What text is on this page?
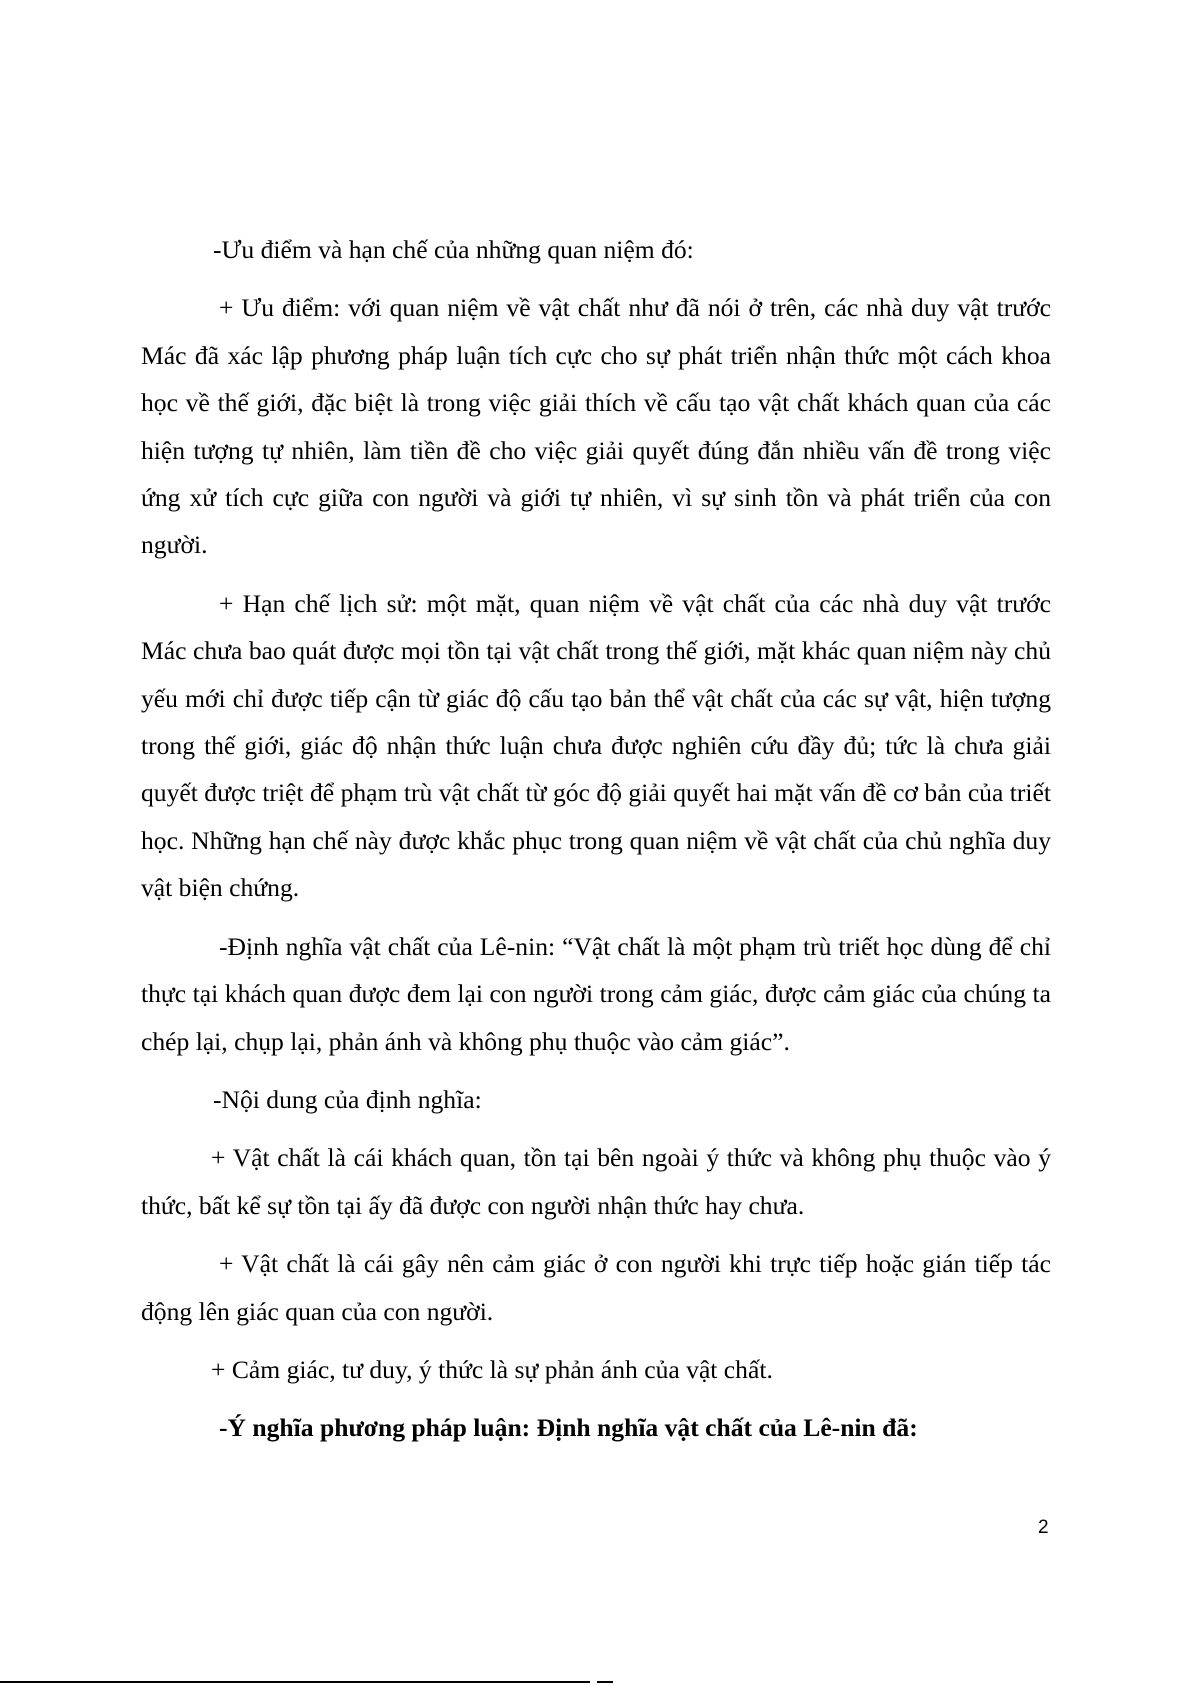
-Ưu điểm và hạn chế của những quan niệm đó:

+ Ưu điểm: với quan niệm về vật chất như đã nói ở trên, các nhà duy vật trước Mác đã xác lập phương pháp luận tích cực cho sự phát triển nhận thức một cách khoa học về thế giới, đặc biệt là trong việc giải thích về cấu tạo vật chất khách quan của các hiện tượng tự nhiên, làm tiền đề cho việc giải quyết đúng đắn nhiều vấn đề trong việc ứng xử tích cực giữa con người và giới tự nhiên, vì sự sinh tồn và phát triển của con người.

+ Hạn chế lịch sử: một mặt, quan niệm về vật chất của các nhà duy vật trước Mác chưa bao quát được mọi tồn tại vật chất trong thế giới, mặt khác quan niệm này chủ yếu mới chỉ được tiếp cận từ giác độ cấu tạo bản thể vật chất của các sự vật, hiện tượng trong thế giới, giác độ nhận thức luận chưa được nghiên cứu đầy đủ; tức là chưa giải quyết được triệt để phạm trù vật chất từ góc độ giải quyết hai mặt vấn đề cơ bản của triết học. Những hạn chế này được khắc phục trong quan niệm về vật chất của chủ nghĩa duy vật biện chứng.

-Định nghĩa vật chất của Lê-nin: “Vật chất là một phạm trù triết học dùng để chỉ thực tại khách quan được đem lại con người trong cảm giác, được cảm giác của chúng ta chép lại, chụp lại, phản ánh và không phụ thuộc vào cảm giác”.

-Nội dung của định nghĩa:

+ Vật chất là cái khách quan, tồn tại bên ngoài ý thức và không phụ thuộc vào ý thức, bất kể sự tồn tại ấy đã được con người nhận thức hay chưa.

+ Vật chất là cái gây nên cảm giác ở con người khi trực tiếp hoặc gián tiếp tác động lên giác quan của con người.

+ Cảm giác, tư duy, ý thức là sự phản ánh của vật chất.

-Ý nghĩa phương pháp luận: Định nghĩa vật chất của Lê-nin đã:

2
